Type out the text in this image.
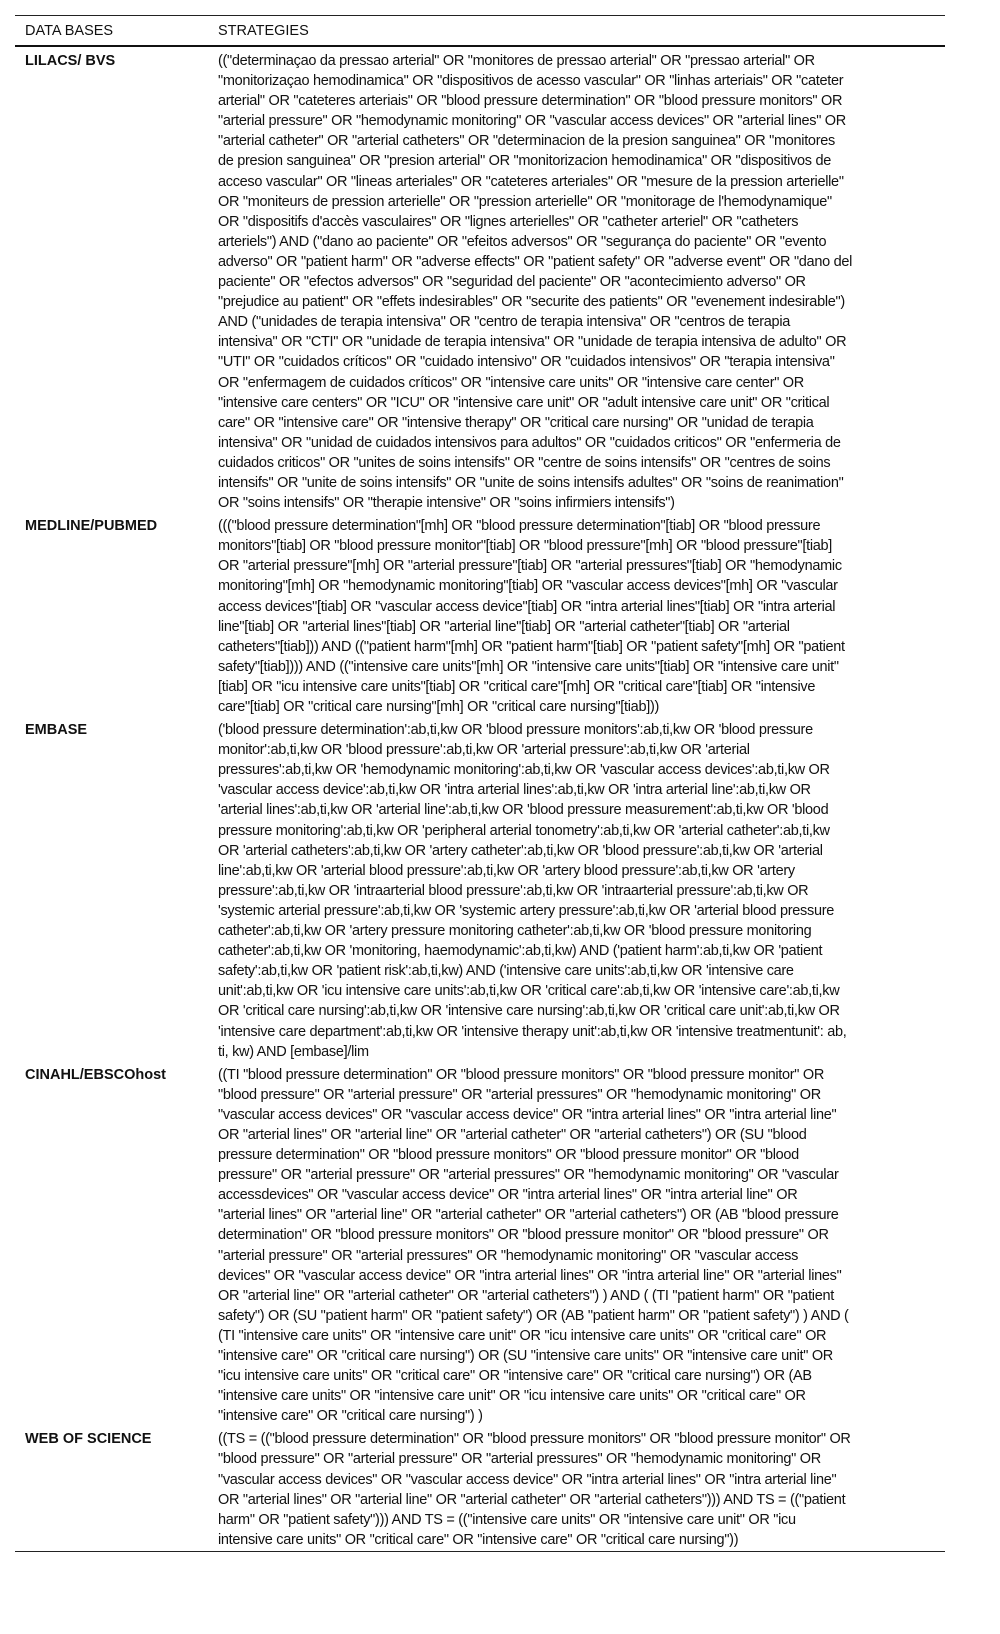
DATA BASES	STRATEGIES
LILACS/ BVS	(("determinaçao da pressao arterial" OR "monitores de pressao arterial" OR "pressao arterial" OR
"monitorizaçao hemodinamica" OR "dispositivos de acesso vascular" OR "linhas arteriais" OR "cateter
arterial" OR "cateteres arteriais" OR "blood pressure determination" OR "blood pressure monitors" OR
"arterial pressure" OR "hemodynamic monitoring" OR "vascular access devices" OR "arterial lines" OR
"arterial catheter" OR "arterial catheters" OR "determinacion de la presion sanguinea" OR "monitores
de presion sanguinea" OR "presion arterial" OR "monitorizacion hemodinamica" OR "dispositivos de
acceso vascular" OR "lineas arteriales" OR "cateteres arteriales" OR "mesure de la pression arterielle"
OR "moniteurs de pression arterielle" OR "pression arterielle" OR "monitorage de l'hemodynamique"
OR "dispositifs d'accès vasculaires" OR "lignes arterielles" OR "catheter arteriel" OR "catheters
arteriels") AND ("dano ao paciente" OR "efeitos adversos" OR "segurança do paciente" OR "evento
adverso" OR "patient harm" OR "adverse effects" OR "patient safety" OR "adverse event" OR "dano del
paciente" OR "efectos adversos" OR "seguridad del paciente" OR "acontecimiento adverso" OR
"prejudice au patient" OR "effets indesirables" OR "securite des patients" OR "evenement indesirable")
AND ("unidades de terapia intensiva" OR "centro de terapia intensiva" OR "centros de terapia
intensiva" OR "CTI" OR "unidade de terapia intensiva" OR "unidade de terapia intensiva de adulto" OR
"UTI" OR "cuidados críticos" OR "cuidado intensivo" OR "cuidados intensivos" OR "terapia intensiva"
OR "enfermagem de cuidados críticos" OR "intensive care units" OR "intensive care center" OR
"intensive care centers" OR "ICU" OR "intensive care unit" OR "adult intensive care unit" OR "critical
care" OR "intensive care" OR "intensive therapy" OR "critical care nursing" OR "unidad de terapia
intensiva" OR "unidad de cuidados intensivos para adultos" OR "cuidados criticos" OR "enfermeria de
cuidados criticos" OR "unites de soins intensifs" OR "centre de soins intensifs" OR "centres de soins
intensifs" OR "unite de soins intensifs" OR "unite de soins intensifs adultes" OR "soins de reanimation"
OR "soins intensifs" OR "therapie intensive" OR "soins infirmiers intensifs")
MEDLINE/PUBMED	((("blood pressure determination"[mh] OR "blood pressure determination"[tiab] OR "blood pressure
monitors"[tiab] OR "blood pressure monitor"[tiab] OR "blood pressure"[mh] OR "blood pressure"[tiab]
OR "arterial pressure"[mh] OR "arterial pressure"[tiab] OR "arterial pressures"[tiab] OR "hemodynamic
monitoring"[mh] OR "hemodynamic monitoring"[tiab] OR "vascular access devices"[mh] OR "vascular
access devices"[tiab] OR "vascular access device"[tiab] OR "intra arterial lines"[tiab] OR "intra arterial
line"[tiab] OR "arterial lines"[tiab] OR "arterial line"[tiab] OR "arterial catheter"[tiab] OR "arterial
catheters"[tiab])) AND (("patient harm"[mh] OR "patient harm"[tiab] OR "patient safety"[mh] OR "patient
safety"[tiab]))) AND (("intensive care units"[mh] OR "intensive care units"[tiab] OR "intensive care unit"
[tiab] OR "icu intensive care units"[tiab] OR "critical care"[mh] OR "critical care"[tiab] OR "intensive
care"[tiab] OR "critical care nursing"[mh] OR "critical care nursing"[tiab]))
EMBASE	('blood pressure determination':ab,ti,kw OR 'blood pressure monitors':ab,ti,kw OR 'blood pressure
monitor':ab,ti,kw OR 'blood pressure':ab,ti,kw OR 'arterial pressure':ab,ti,kw OR 'arterial
pressures':ab,ti,kw OR 'hemodynamic monitoring':ab,ti,kw OR 'vascular access devices':ab,ti,kw OR
'vascular access device':ab,ti,kw OR 'intra arterial lines':ab,ti,kw OR 'intra arterial line':ab,ti,kw OR
'arterial lines':ab,ti,kw OR 'arterial line':ab,ti,kw OR 'blood pressure measurement':ab,ti,kw OR 'blood
pressure monitoring':ab,ti,kw OR 'peripheral arterial tonometry':ab,ti,kw OR 'arterial catheter':ab,ti,kw
OR 'arterial catheters':ab,ti,kw OR 'artery catheter':ab,ti,kw OR 'blood pressure':ab,ti,kw OR 'arterial
line':ab,ti,kw OR 'arterial blood pressure':ab,ti,kw OR 'artery blood pressure':ab,ti,kw OR 'artery
pressure':ab,ti,kw OR 'intraarterial blood pressure':ab,ti,kw OR 'intraarterial pressure':ab,ti,kw OR
'systemic arterial pressure':ab,ti,kw OR 'systemic artery pressure':ab,ti,kw OR 'arterial blood pressure
catheter':ab,ti,kw OR 'artery pressure monitoring catheter':ab,ti,kw OR 'blood pressure monitoring
catheter':ab,ti,kw OR 'monitoring, haemodynamic':ab,ti,kw) AND ('patient harm':ab,ti,kw OR 'patient
safety':ab,ti,kw OR 'patient risk':ab,ti,kw) AND ('intensive care units':ab,ti,kw OR 'intensive care
unit':ab,ti,kw OR 'icu intensive care units':ab,ti,kw OR 'critical care':ab,ti,kw OR 'intensive care':ab,ti,kw
OR 'critical care nursing':ab,ti,kw OR 'intensive care nursing':ab,ti,kw OR 'critical care unit':ab,ti,kw OR
'intensive care department':ab,ti,kw OR 'intensive therapy unit':ab,ti,kw OR 'intensive treatmentunit': ab,
ti, kw) AND [embase]/lim
CINAHL/EBSCOhost	((TI "blood pressure determination" OR "blood pressure monitors" OR "blood pressure monitor" OR
"blood pressure" OR "arterial pressure" OR "arterial pressures" OR "hemodynamic monitoring" OR
"vascular access devices" OR "vascular access device" OR "intra arterial lines" OR "intra arterial line"
OR "arterial lines" OR "arterial line" OR "arterial catheter" OR "arterial catheters") OR (SU "blood
pressure determination" OR "blood pressure monitors" OR "blood pressure monitor" OR "blood
pressure" OR "arterial pressure" OR "arterial pressures" OR "hemodynamic monitoring" OR "vascular
accessdevices" OR "vascular access device" OR "intra arterial lines" OR "intra arterial line" OR
"arterial lines" OR "arterial line" OR "arterial catheter" OR "arterial catheters") OR (AB "blood pressure
determination" OR "blood pressure monitors" OR "blood pressure monitor" OR "blood pressure" OR
"arterial pressure" OR "arterial pressures" OR "hemodynamic monitoring" OR "vascular access
devices" OR "vascular access device" OR "intra arterial lines" OR "intra arterial line" OR "arterial lines"
OR "arterial line" OR "arterial catheter" OR "arterial catheters") ) AND ( (TI "patient harm" OR "patient
safety") OR (SU "patient harm" OR "patient safety") OR (AB "patient harm" OR "patient safety") ) AND (
(TI "intensive care units" OR "intensive care unit" OR "icu intensive care units" OR "critical care" OR
"intensive care" OR "critical care nursing") OR (SU "intensive care units" OR "intensive care unit" OR
"icu intensive care units" OR "critical care" OR "intensive care" OR "critical care nursing") OR (AB
"intensive care units" OR "intensive care unit" OR "icu intensive care units" OR "critical care" OR
"intensive care" OR "critical care nursing") )
WEB OF SCIENCE	((TS = (("blood pressure determination" OR "blood pressure monitors" OR "blood pressure monitor" OR
"blood pressure" OR "arterial pressure" OR "arterial pressures" OR "hemodynamic monitoring" OR
"vascular access devices" OR "vascular access device" OR "intra arterial lines" OR "intra arterial line"
OR "arterial lines" OR "arterial line" OR "arterial catheter" OR "arterial catheters"))) AND TS = (("patient
harm" OR "patient safety"))) AND TS = (("intensive care units" OR "intensive care unit" OR "icu
intensive care units" OR "critical care" OR "intensive care" OR "critical care nursing"))
